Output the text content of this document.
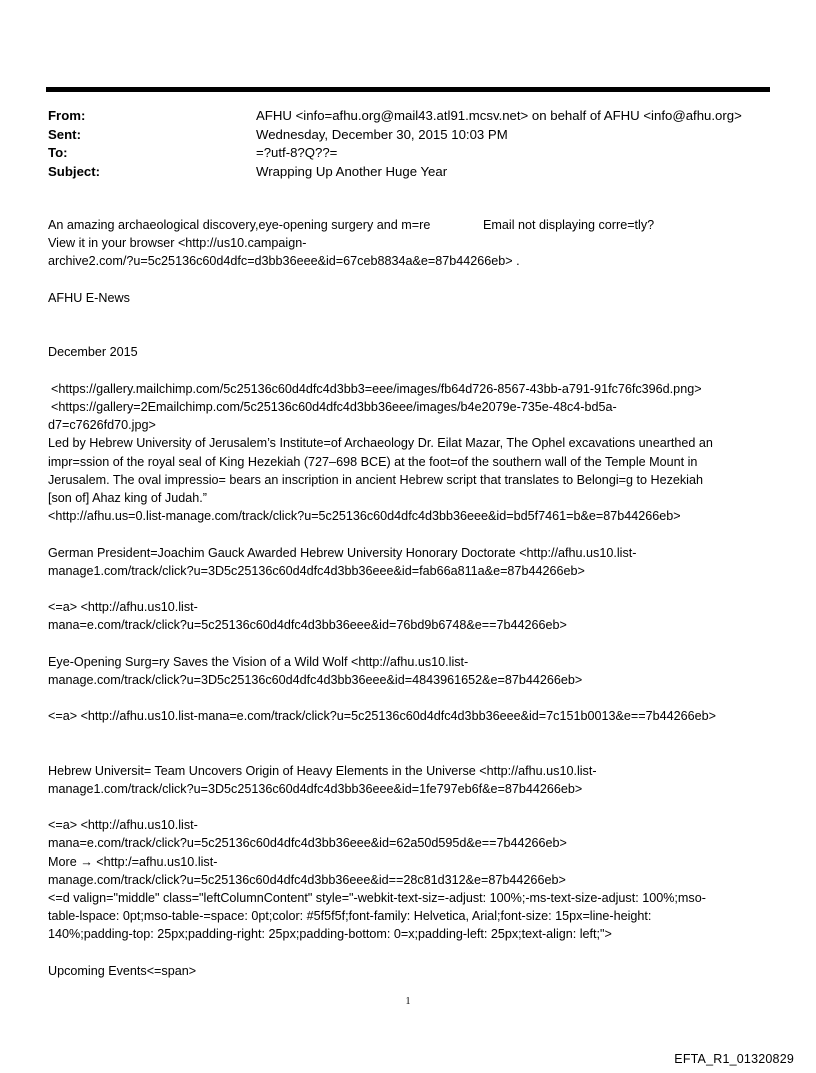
From:	AFHU <info=afhu.org@mail43.atl91.mcsv.net> on behalf of AFHU <info@afhu.org>
Sent:	Wednesday, December 30, 2015 10:03 PM
To:	=?utf-8?Q??=
Subject:	Wrapping Up Another Huge Year
An amazing archaeological discovery,eye-opening surgery and m=re	Email not displaying corre=tly?
View it in your browser <http://us10.campaign-
archive2.com/?u=5c25136c60d4dfc=d3bb36eee&id=67ceb8834a&e=87b44266eb> .
AFHU E-News
December 2015
<https://gallery.mailchimp.com/5c25136c60d4dfc4d3bb3=eee/images/fb64d726-8567-43bb-a791-91fc76fc396d.png>
<https://gallery=2Emailchimp.com/5c25136c60d4dfc4d3bb36eee/images/b4e2079e-735e-48c4-bd5a-
d7=c7626fd70.jpg>
Led by Hebrew University of Jerusalem’s Institute=of Archaeology Dr. Eilat Mazar, The Ophel excavations unearthed an
impr=ssion of the royal seal of King Hezekiah (727–698 BCE) at the foot=of the southern wall of the Temple Mount in
Jerusalem. The oval impressio= bears an inscription in ancient Hebrew script that translates to Belongi=g to Hezekiah
[son of] Ahaz king of Judah.”
<http://afhu.us=0.list-manage.com/track/click?u=5c25136c60d4dfc4d3bb36eee&id=bd5f7461=b&e=87b44266eb>
German President=Joachim Gauck Awarded Hebrew University Honorary Doctorate <http://afhu.us10.list-
manage1.com/track/click?u=3D5c25136c60d4dfc4d3bb36eee&id=fab66a811a&e=87b44266eb>
<=a> <http://afhu.us10.list-
mana=e.com/track/click?u=5c25136c60d4dfc4d3bb36eee&id=76bd9b6748&e==7b44266eb>
Eye-Opening Surg=ry Saves the Vision of a Wild Wolf <http://afhu.us10.list-
manage.com/track/click?u=3D5c25136c60d4dfc4d3bb36eee&id=4843961652&e=87b44266eb>
<=a> <http://afhu.us10.list-mana=e.com/track/click?u=5c25136c60d4dfc4d3bb36eee&id=7c151b0013&e==7b44266eb>
Hebrew Universit= Team Uncovers Origin of Heavy Elements in the Universe <http://afhu.us10.list-
manage1.com/track/click?u=3D5c25136c60d4dfc4d3bb36eee&id=1fe797eb6f&e=87b44266eb>
<=a> <http://afhu.us10.list-
mana=e.com/track/click?u=5c25136c60d4dfc4d3bb36eee&id=62a50d595d&e==7b44266eb>
More → <http:/=afhu.us10.list-
manage.com/track/click?u=5c25136c60d4dfc4d3bb36eee&id==28c81d312&e=87b44266eb>
<=d valign="middle" class="leftColumnContent" style="-webkit-text-siz=-adjust: 100%;-ms-text-size-adjust: 100%;mso-
table-lspace: 0pt;mso-table-=space: 0pt;color: #5f5f5f;font-family: Helvetica, Arial;font-size: 15px=line-height:
140%;padding-top: 25px;padding-right: 25px;padding-bottom: 0=x;padding-left: 25px;text-align: left;">
Upcoming Events<=span>
1
EFTA_R1_01320829
